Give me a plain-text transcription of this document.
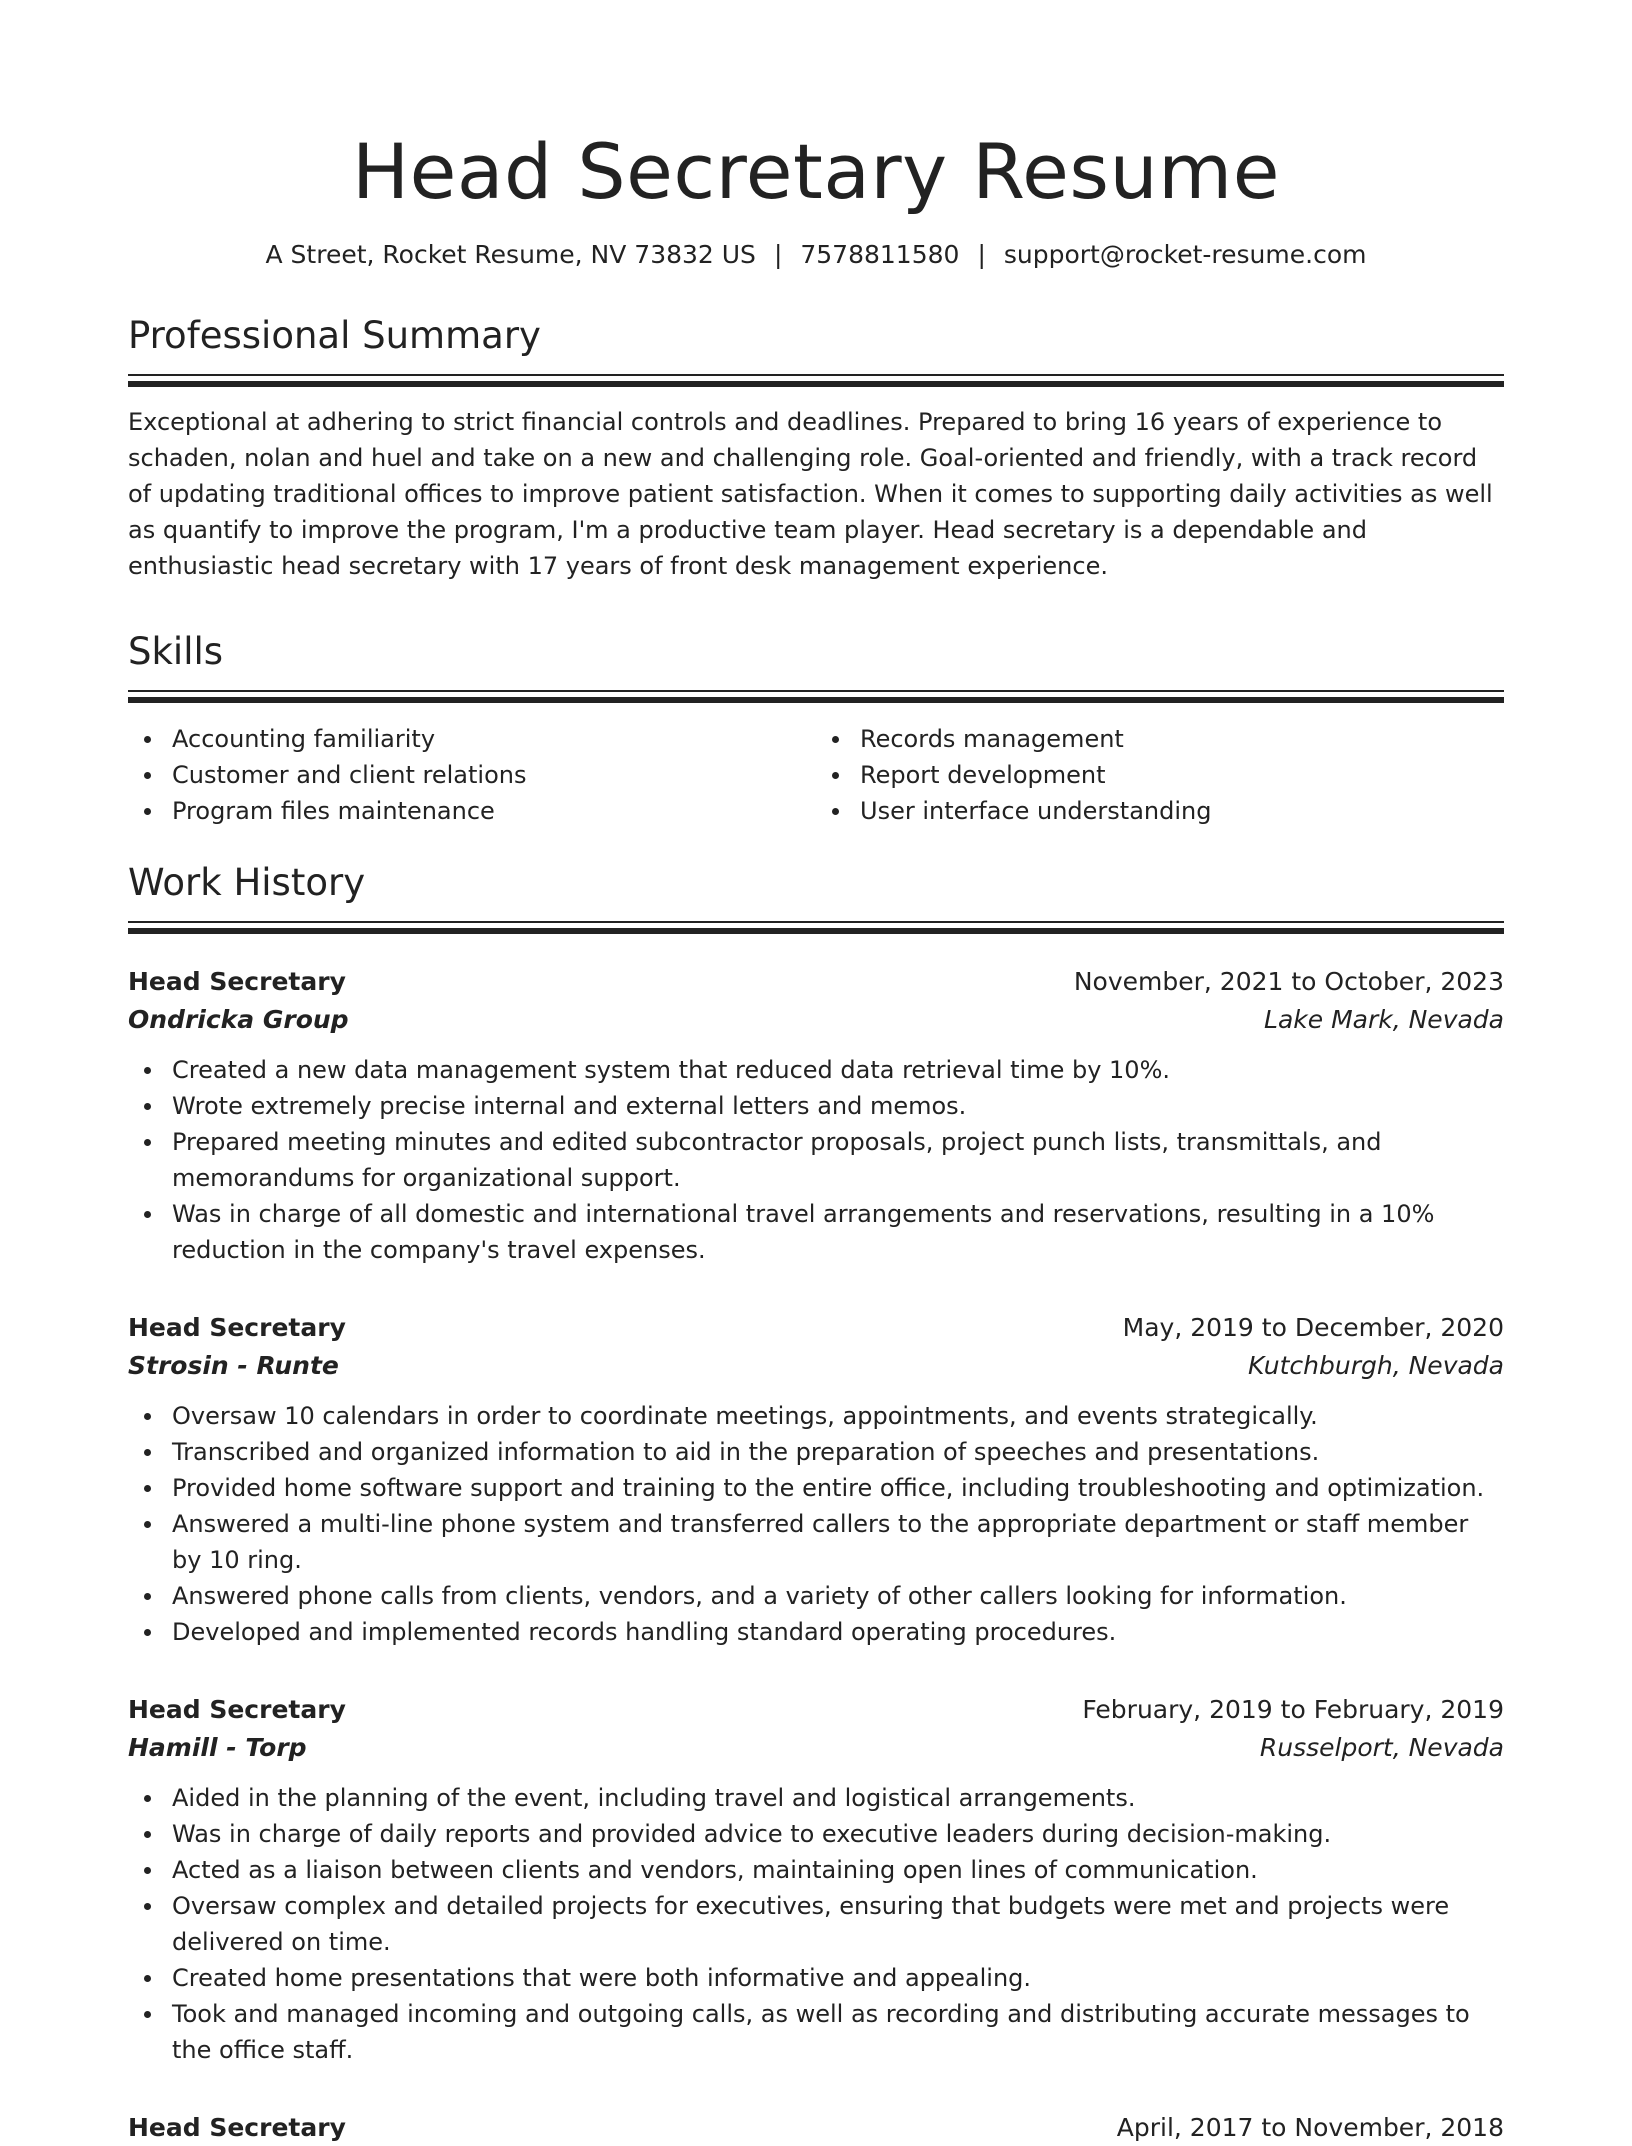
Head Secretary Resume
A Street, Rocket Resume, NV 73832 US | 7578811580 | support@rocket-resume.com
Professional Summary
Exceptional at adhering to strict financial controls and deadlines. Prepared to bring 16 years of experience to schaden, nolan and huel and take on a new and challenging role. Goal-oriented and friendly, with a track record of updating traditional offices to improve patient satisfaction. When it comes to supporting daily activities as well as quantify to improve the program, I'm a productive team player. Head secretary is a dependable and enthusiastic head secretary with 17 years of front desk management experience.
Skills
Accounting familiarity
Customer and client relations
Program files maintenance
Records management
Report development
User interface understanding
Work History
Head Secretary	November, 2021 to October, 2023
Ondricka Group	Lake Mark, Nevada
Created a new data management system that reduced data retrieval time by 10%.
Wrote extremely precise internal and external letters and memos.
Prepared meeting minutes and edited subcontractor proposals, project punch lists, transmittals, and memorandums for organizational support.
Was in charge of all domestic and international travel arrangements and reservations, resulting in a 10% reduction in the company's travel expenses.
Head Secretary	May, 2019 to December, 2020
Strosin - Runte	Kutchburgh, Nevada
Oversaw 10 calendars in order to coordinate meetings, appointments, and events strategically.
Transcribed and organized information to aid in the preparation of speeches and presentations.
Provided home software support and training to the entire office, including troubleshooting and optimization.
Answered a multi-line phone system and transferred callers to the appropriate department or staff member by 10 ring.
Answered phone calls from clients, vendors, and a variety of other callers looking for information.
Developed and implemented records handling standard operating procedures.
Head Secretary	February, 2019 to February, 2019
Hamill - Torp	Russelport, Nevada
Aided in the planning of the event, including travel and logistical arrangements.
Was in charge of daily reports and provided advice to executive leaders during decision-making.
Acted as a liaison between clients and vendors, maintaining open lines of communication.
Oversaw complex and detailed projects for executives, ensuring that budgets were met and projects were delivered on time.
Created home presentations that were both informative and appealing.
Took and managed incoming and outgoing calls, as well as recording and distributing accurate messages to the office staff.
Head Secretary	April, 2017 to November, 2018
